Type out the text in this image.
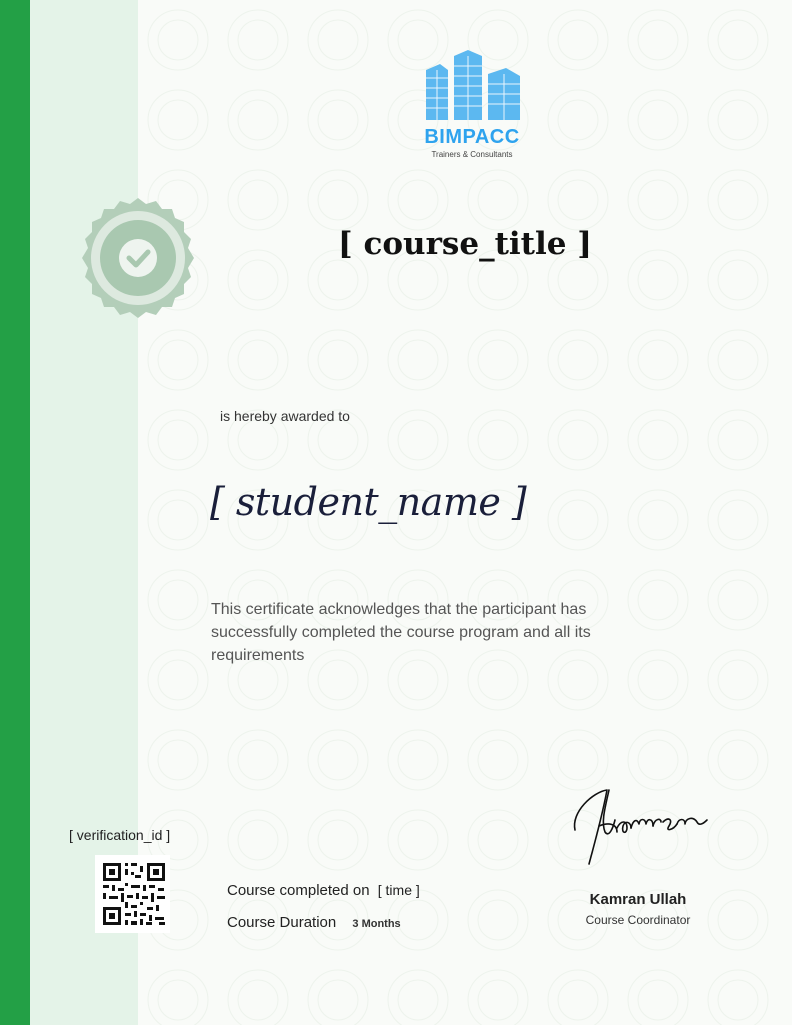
BIMPACC
Trainers & Consultants
[ course_title ]
is hereby awarded to
[ student_name ]
This certificate acknowledges that the participant has successfully completed the course program and all its requirements
[ verification_id ]
Course completed on [ time ]
Course Duration 3 Months
Kamran Ullah
Course Coordinator
